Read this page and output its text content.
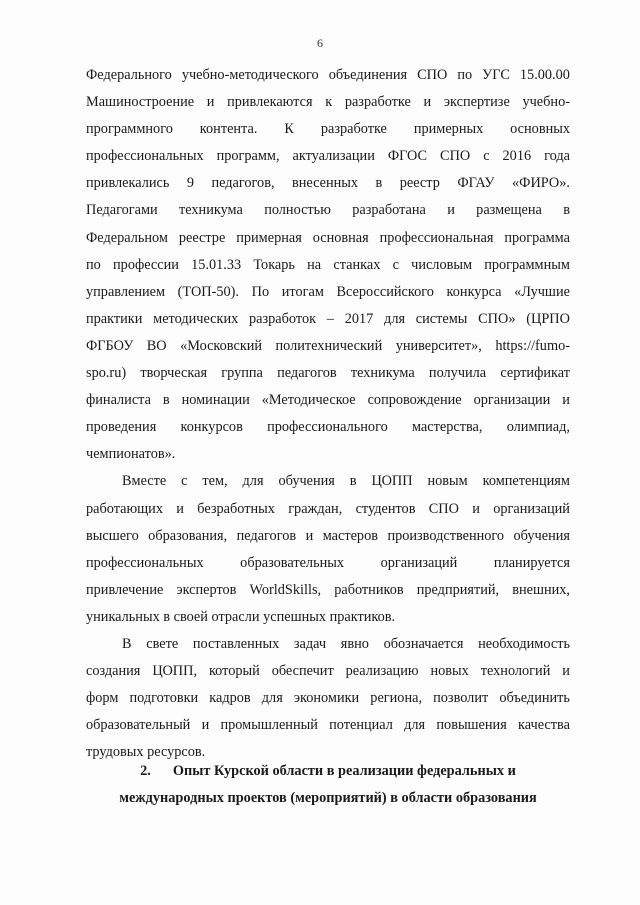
6
Федерального учебно-методического объединения СПО по УГС 15.00.00
Машиностроение и привлекаются к разработке и экспертизе учебно-
программного контента. К разработке примерных основных
профессиональных программ, актуализации ФГОС СПО с 2016 года
привлекались 9 педагогов, внесенных в реестр ФГАУ «ФИРО».
Педагогами техникума полностью разработана и размещена в
Федеральном реестре примерная основная профессиональная программа
по профессии 15.01.33 Токарь на станках с числовым программным
управлением (ТОП-50). По итогам Всероссийского конкурса «Лучшие
практики методических разработок – 2017 для системы СПО» (ЦРПО
ФГБОУ ВО «Московский политехнический университет», https://fumo-
spo.ru) творческая группа педагогов техникума получила сертификат
финалиста в номинации «Методическое сопровождение организации и
проведения конкурсов профессионального мастерства, олимпиад,
чемпионатов».
Вместе с тем, для обучения в ЦОПП новым компетенциям
работающих и безработных граждан, студентов СПО и организаций
высшего образования, педагогов и мастеров производственного обучения
профессиональных	образовательных	организаций	планируется
привлечение экспертов WorldSkills, работников предприятий, внешних,
уникальных в своей отрасли успешных практиков.
В свете поставленных задач явно обозначается необходимость
создания ЦОПП, который обеспечит реализацию новых технологий и
форм подготовки кадров для экономики региона, позволит объединить
образовательный и промышленный потенциал для повышения качества
трудовых ресурсов.
2. Опыт Курской области в реализации федеральных и
международных проектов (мероприятий) в области образования
